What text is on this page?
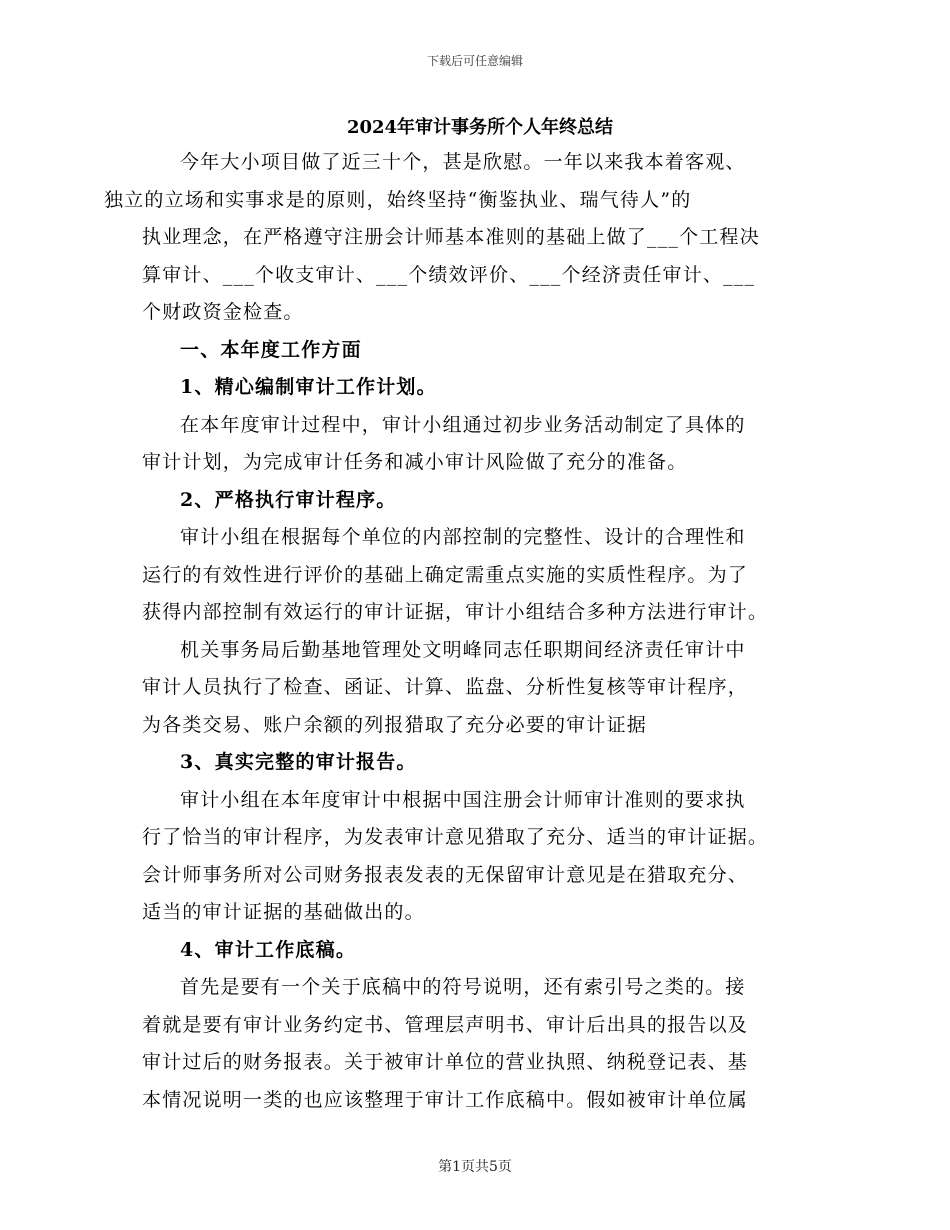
下载后可任意编辑
2024年审计事务所个人年终总结

今年大小项目做了近三十个，甚是欣慰。一年以来我本着客观、
独立的立场和实事求是的原则，始终坚持“衡鉴执业、瑞气待人”的
执业理念，在严格遵守注册会计师基本准则的基础上做了___个工程决
算审计、___个收支审计、___个绩效评价、___个经济责任审计、___
个财政资金检查。

一、本年度工作方面
1、精心编制审计工作计划。

在本年度审计过程中，审计小组通过初步业务活动制定了具体的
审计计划，为完成审计任务和减小审计风险做了充分的准备。

2、严格执行审计程序。

审计小组在根据每个单位的内部控制的完整性、设计的合理性和
运行的有效性进行评价的基础上确定需重点实施的实质性程序。为了
获得内部控制有效运行的审计证据，审计小组结合多种方法进行审计。

机关事务局后勤基地管理处文明峰同志任职期间经济责任审计中
审计人员执行了检查、函证、计算、监盘、分析性复核等审计程序，
为各类交易、账户余额的列报猎取了充分必要的审计证据

3、真实完整的审计报告。

审计小组在本年度审计中根据中国注册会计师审计准则的要求执
行了恰当的审计程序，为发表审计意见猎取了充分、适当的审计证据。
会计师事务所对公司财务报表发表的无保留审计意见是在猎取充分、
适当的审计证据的基础做出的。

4、审计工作底稿。

首先是要有一个关于底稿中的符号说明，还有索引号之类的。接
着就是要有审计业务约定书、管理层声明书、审计后出具的报告以及
审计过后的财务报表。关于被审计单位的营业执照、纳税登记表、基
本情况说明一类的也应该整理于审计工作底稿中。假如被审计单位属

第1页共5页
